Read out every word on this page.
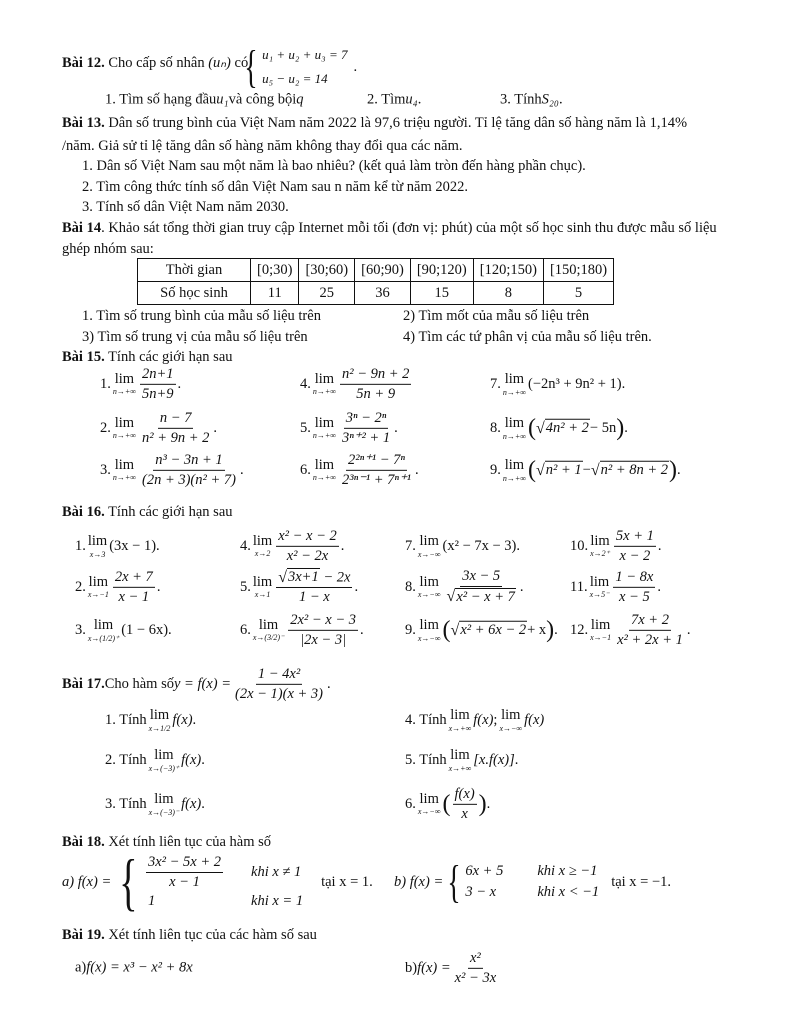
Bài 12. Cho cấp số nhân (uₙ) có
{ u₁ + u₂ + u₃ = 7
u₅ − u₂ = 14
.
1. Tìm số hạng đầu u₁ và công bội q	2. Tìm u₄ .	3. Tính S₂₀ .
Bài 13. Dân số trung bình của Việt Nam năm 2022 là 97,6 triệu người. Tỉ lệ tăng dân số hàng năm là 1,14%
/năm. Giả sử tỉ lệ tăng dân số hàng năm không thay đổi qua các năm.
1. Dân số Việt Nam sau một năm là bao nhiêu? (kết quả làm tròn đến hàng phần chục).
2. Tìm công thức tính số dân Việt Nam sau n năm kể từ năm 2022.
3. Tính số dân Việt Nam năm 2030.
Bài 14. Khảo sát tổng thời gian truy cập Internet mỗi tối (đơn vị: phút) của một số học sinh thu được mẫu số liệu
ghép nhóm sau:
Thời gian	[0;30)	[30;60)	[60;90)	[90;120)	[120;150)	[150;180)
Số học sinh	11	25	36	15	8	5
1. Tìm số trung bình của mẫu số liệu trên	2) Tìm mốt của mẫu số liệu trên
3) Tìm số trung vị của mẫu số liệu trên	4) Tìm các tứ phân vị của mẫu số liệu trên.
Bài 15. Tính các giới hạn sau
1. lim
$n\to+\infty \frac{2n+1}{5n+9}$ .	4. lim
$n\to+\infty \frac{\text{n² − 9n + 2}}{5n + 9}$	7. lim
n→+∞
(−2n³ + 9n² + 1).
2. lim
$n\to+\infty \frac{n - 7}{\text{n² + 9n + 2}}$ .	5. lim
$n\to+\infty \frac{\text{3ⁿ − 2ⁿ}}{\text{3ⁿ⁺² + 1}}$ .	8. lim
n→+∞ ( √ 4n² + 2 − 5n ) .
3. lim
$n\to+\infty \frac{\text{n³ − 3n + 1}}{\text{(2n + 3)(n² + 7)}}$ .	6. lim
$n\to+\infty \frac{\text{2²ⁿ⁺¹ − 7ⁿ}}{\text{2³ⁿ⁻¹ + 7ⁿ⁺¹}}$ .	9. lim
n→+∞ ( √ n² + 1 − √ n² + 8n + 2 ) .
Bài 16. Tính các giới hạn sau
1. lim
x→3
(3x − 1).	4. lim
$x\to 2 \frac{\text{x² − x − 2}}{\text{x² − 2x}}$ .	7. lim
x→−∞
(x² − 7x − 3).	10. lim
$x\to 2^+ \frac{5x + 1}{x - 2}$ .
2. lim
$x\to-1 \frac{2x + 7}{x - 1}$ .	5. lim
$x\to 1 \frac{√ 3x+1 - 2x}{1 - x}$ .	8. lim
$x\to-\infty \frac{3x - 5}{\text{√ x² − x + 7}}$ .	11. lim
$x\to 5^- \frac{1 - 8x}{x - 5}$ .
3. lim
x→(1/2)⁺
(1 − 6x).	6. lim
$x\to(3/2)^- \frac{\text{2x² − x − 3}}{|2x - 3|}$ .	9. lim
x→−∞ ( √ x² + 6x − 2 + x ) . 12. lim
$x\to-1 \frac{7x + 2}{\text{x² + 2x + 1}}$ .
Bài 17. Cho hàm số $y = f(x) = \frac{\text{1 − 4x²}}{(2x - 1)(x + 3)}$ .
1. Tính lim
x→1/2
f(x) .	4. Tính lim
x→+∞
f(x) ; lim
x→−∞
f(x)
2. Tính lim
x→(−3)⁺
f(x) .	5. Tính lim
x→+∞
[x.f(x)] .
3. Tính lim
x→(−3)⁻
f(x) .	6. lim
x→−∞ ( $\frac{f(x)}{x}$ ) .
Bài 18. Xét tính liên tục của hàm số
a) f(x) = { $\frac{\text{3x² − 5x + 2}}{x - 1}$ khi x ≠ 1
1	khi x = 1
tại x = 1. b) f(x) = { 6x + 5 khi x ≥ −1
3 − x	khi x < −1
tại x = −1.
Bài 19. Xét tính liên tục của các hàm số sau
a) f(x) = x³ − x² + 8x	b) $f(x) = \frac{\text{x²}}{\text{x² − 3x}}$
